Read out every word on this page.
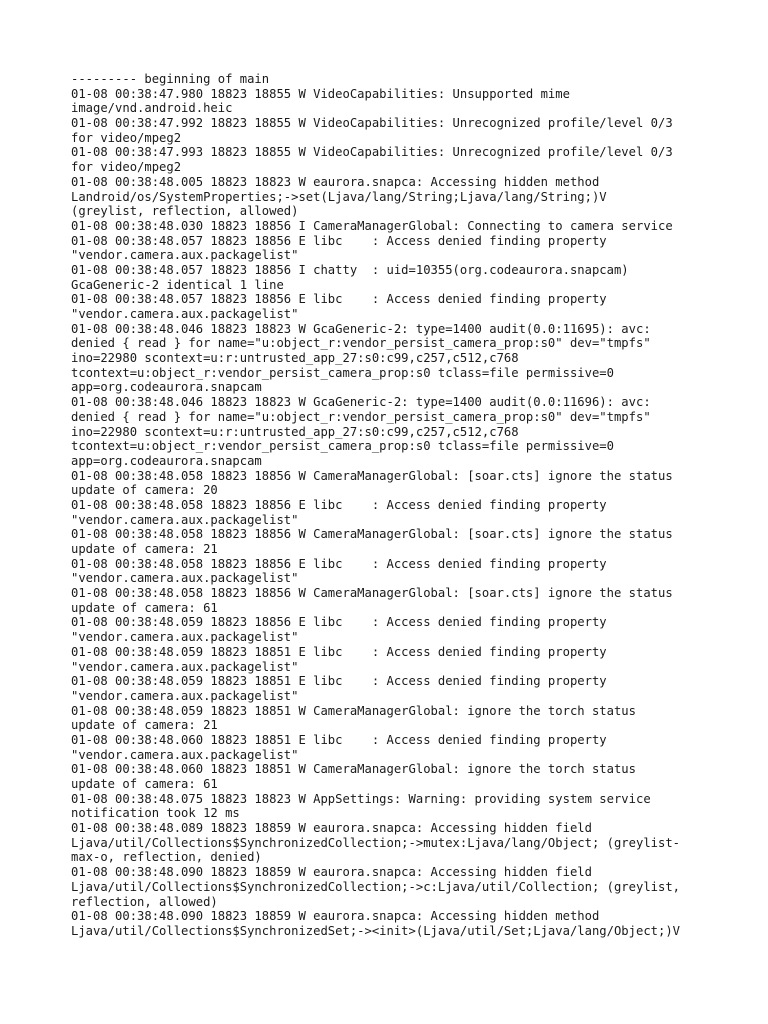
--------- beginning of main
01-08 00:38:47.980 18823 18855 W VideoCapabilities: Unsupported mime
image/vnd.android.heic
01-08 00:38:47.992 18823 18855 W VideoCapabilities: Unrecognized profile/level 0/3
for video/mpeg2
01-08 00:38:47.993 18823 18855 W VideoCapabilities: Unrecognized profile/level 0/3
for video/mpeg2
01-08 00:38:48.005 18823 18823 W eaurora.snapca: Accessing hidden method
Landroid/os/SystemProperties;->set(Ljava/lang/String;Ljava/lang/String;)V
(greylist, reflection, allowed)
01-08 00:38:48.030 18823 18856 I CameraManagerGlobal: Connecting to camera service
01-08 00:38:48.057 18823 18856 E libc    : Access denied finding property
"vendor.camera.aux.packagelist"
01-08 00:38:48.057 18823 18856 I chatty  : uid=10355(org.codeaurora.snapcam)
GcaGeneric-2 identical 1 line
01-08 00:38:48.057 18823 18856 E libc    : Access denied finding property
"vendor.camera.aux.packagelist"
01-08 00:38:48.046 18823 18823 W GcaGeneric-2: type=1400 audit(0.0:11695): avc:
denied { read } for name="u:object_r:vendor_persist_camera_prop:s0" dev="tmpfs"
ino=22980 scontext=u:r:untrusted_app_27:s0:c99,c257,c512,c768
tcontext=u:object_r:vendor_persist_camera_prop:s0 tclass=file permissive=0
app=org.codeaurora.snapcam
01-08 00:38:48.046 18823 18823 W GcaGeneric-2: type=1400 audit(0.0:11696): avc:
denied { read } for name="u:object_r:vendor_persist_camera_prop:s0" dev="tmpfs"
ino=22980 scontext=u:r:untrusted_app_27:s0:c99,c257,c512,c768
tcontext=u:object_r:vendor_persist_camera_prop:s0 tclass=file permissive=0
app=org.codeaurora.snapcam
01-08 00:38:48.058 18823 18856 W CameraManagerGlobal: [soar.cts] ignore the status
update of camera: 20
01-08 00:38:48.058 18823 18856 E libc    : Access denied finding property
"vendor.camera.aux.packagelist"
01-08 00:38:48.058 18823 18856 W CameraManagerGlobal: [soar.cts] ignore the status
update of camera: 21
01-08 00:38:48.058 18823 18856 E libc    : Access denied finding property
"vendor.camera.aux.packagelist"
01-08 00:38:48.058 18823 18856 W CameraManagerGlobal: [soar.cts] ignore the status
update of camera: 61
01-08 00:38:48.059 18823 18856 E libc    : Access denied finding property
"vendor.camera.aux.packagelist"
01-08 00:38:48.059 18823 18851 E libc    : Access denied finding property
"vendor.camera.aux.packagelist"
01-08 00:38:48.059 18823 18851 E libc    : Access denied finding property
"vendor.camera.aux.packagelist"
01-08 00:38:48.059 18823 18851 W CameraManagerGlobal: ignore the torch status
update of camera: 21
01-08 00:38:48.060 18823 18851 E libc    : Access denied finding property
"vendor.camera.aux.packagelist"
01-08 00:38:48.060 18823 18851 W CameraManagerGlobal: ignore the torch status
update of camera: 61
01-08 00:38:48.075 18823 18823 W AppSettings: Warning: providing system service
notification took 12 ms
01-08 00:38:48.089 18823 18859 W eaurora.snapca: Accessing hidden field
Ljava/util/Collections$SynchronizedCollection;->mutex:Ljava/lang/Object; (greylist-
max-o, reflection, denied)
01-08 00:38:48.090 18823 18859 W eaurora.snapca: Accessing hidden field
Ljava/util/Collections$SynchronizedCollection;->c:Ljava/util/Collection; (greylist,
reflection, allowed)
01-08 00:38:48.090 18823 18859 W eaurora.snapca: Accessing hidden method
Ljava/util/Collections$SynchronizedSet;-><init>(Ljava/util/Set;Ljava/lang/Object;)V
